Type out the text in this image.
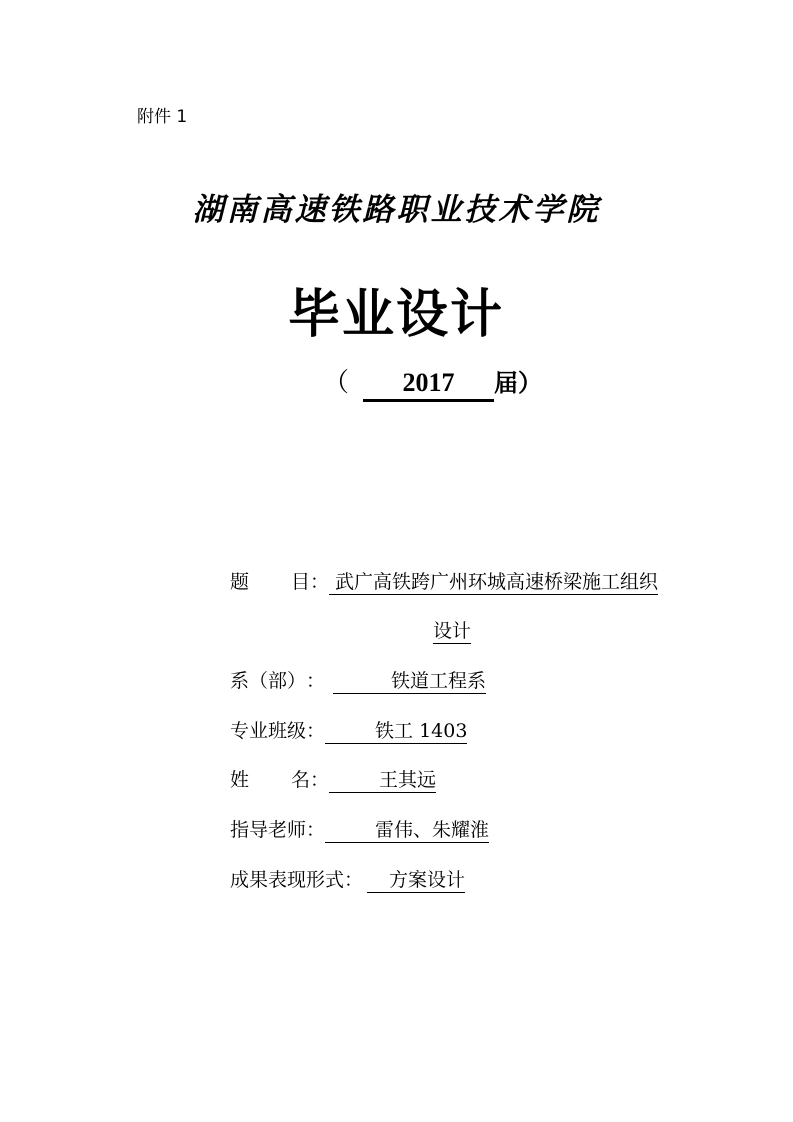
附件 1
湖南高速铁路职业技术学院
毕业设计
（	2017	届）
题 目 ： 武广高铁跨广州环城高速桥梁施工组织
设计
系（部） ：	铁道工程系
专业班级 ：	铁工 1403
姓 名 ：	王其远
指导老师 ：	雷伟、朱耀淮
成果表现形式 ：	方案设计
